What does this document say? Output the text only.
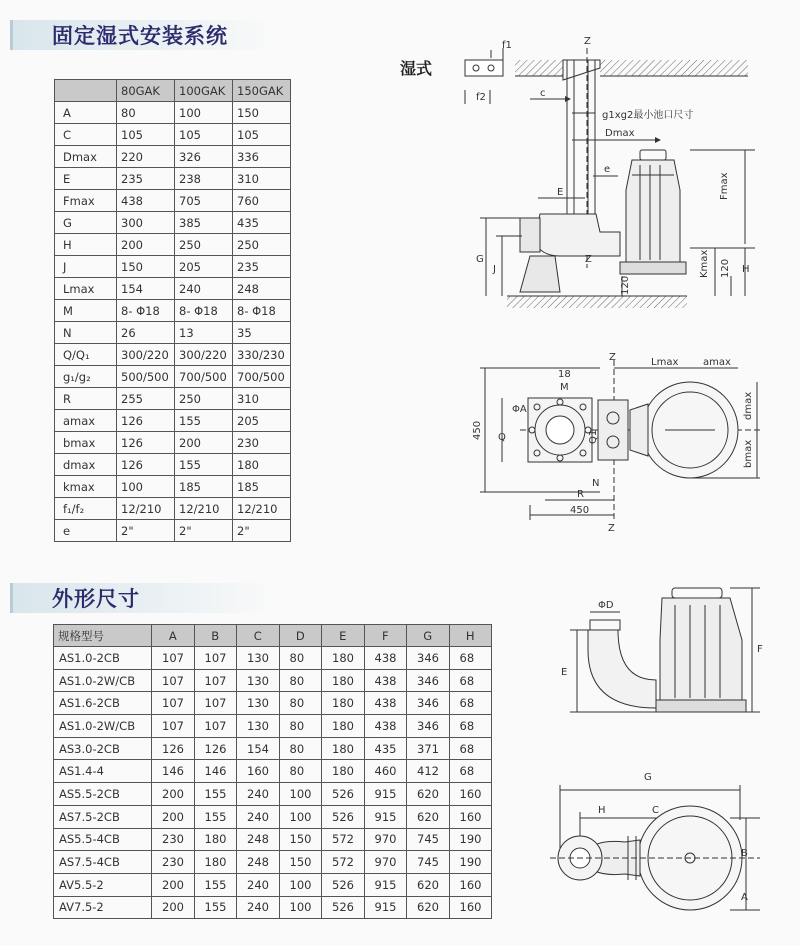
固定湿式安装系统
外形尺寸
湿式
	80GAK	100GAK	150GAK
A	80	100	150
C	105	105	105
Dmax	220	326	336
E	235	238	310
Fmax	438	705	760
G	300	385	435
H	200	250	250
J	150	205	235
Lmax	154	240	248
M	8- Φ18	8- Φ18	8- Φ18
N	26	13	35
Q/Q₁	300/220	300/220	330/230
g₁/g₂	500/500	700/500	700/500
R	255	250	310
amax	126	155	205
bmax	126	200	230
dmax	126	155	180
kmax	100	185	185
f₁/f₂	12/210	12/210	12/210
e	2"	2"	2"
规格型号	A	B	C	D	E	F	G	H
AS1.0-2CB	107	107	130	80	180	438	346	68
AS1.0-2W/CB	107	107	130	80	180	438	346	68
AS1.6-2CB	107	107	130	80	180	438	346	68
AS1.0-2W/CB	107	107	130	80	180	438	346	68
AS3.0-2CB	126	126	154	80	180	435	371	68
AS1.4-4	146	146	160	80	180	460	412	68
AS5.5-2CB	200	155	240	100	526	915	620	160
AS7.5-2CB	200	155	240	100	526	915	620	160
AS5.5-4CB	230	180	248	150	572	970	745	190
AS7.5-4CB	230	180	248	150	572	970	745	190
AV5.5-2	200	155	240	100	526	915	620	160
AV7.5-2	200	155	240	100	526	915	620	160
Z
f1
f2	c
g1xg2最小池口尺寸
Dmax
e
E	Fmax
Kmax	H
120
120
G
J
Z
Z	Lmax amax
18
M
ΦA
450 Q	Q1
bmax
dmax
N
R
450
Z
ΦD
E
F
G
H	C
B
A
